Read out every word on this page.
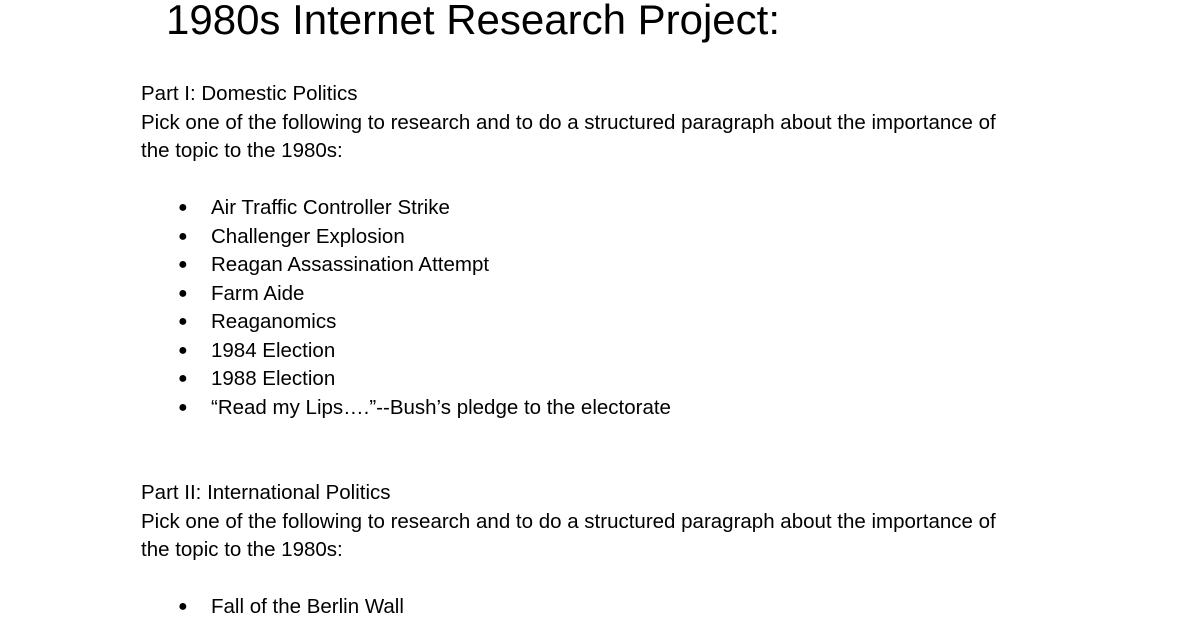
1980s Internet Research Project:

Part I: Domestic Politics

Pick one of the following to research and to do a structured paragraph about the importance of

the topic to the 1980s:

● Air Traffic Controller Strike
● Challenger Explosion
● Reagan Assassination Attempt
● Farm Aide
● Reaganomics
● 1984 Election
● 1988 Election
● “Read my Lips….”--Bush’s pledge to the electorate

Part II: International Politics

Pick one of the following to research and to do a structured paragraph about the importance of

the topic to the 1980s:

● Fall of the Berlin Wall
